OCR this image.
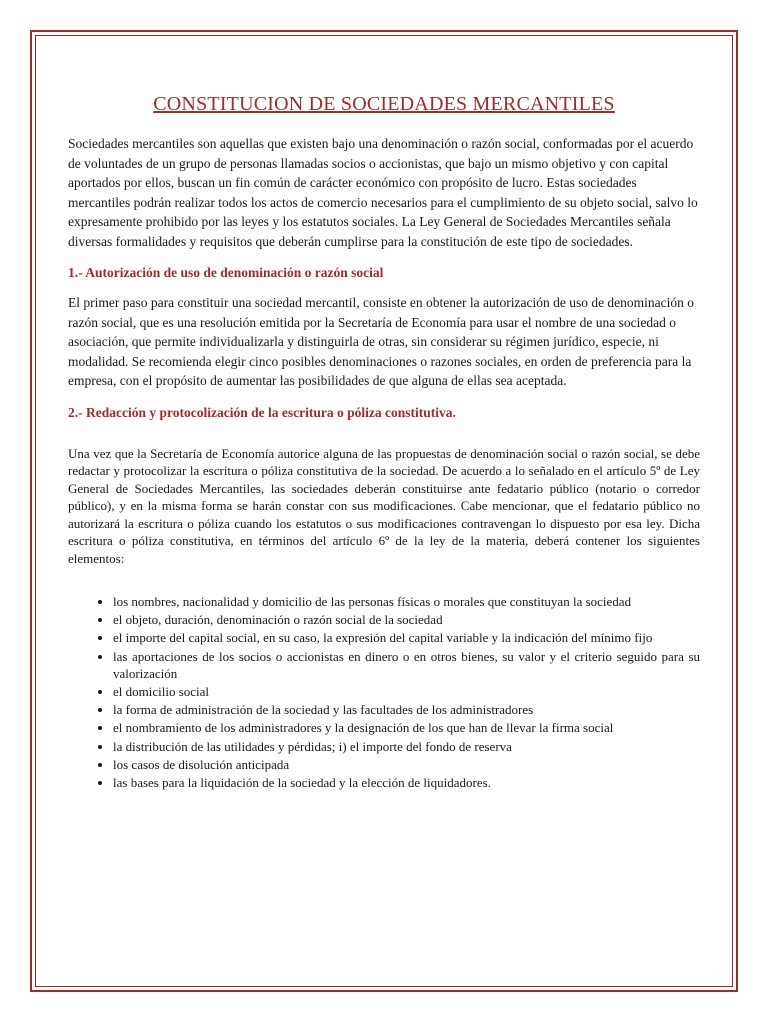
CONSTITUCION DE SOCIEDADES MERCANTILES

Sociedades mercantiles son aquellas que existen bajo una denominación o razón social, conformadas por el acuerdo de voluntades de un grupo de personas llamadas socios o accionistas, que bajo un mismo objetivo y con capital aportados por ellos, buscan un fin común de carácter económico con propósito de lucro. Estas sociedades mercantiles podrán realizar todos los actos de comercio necesarios para el cumplimiento de su objeto social, salvo lo expresamente prohibido por las leyes y los estatutos sociales. La Ley General de Sociedades Mercantiles señala diversas formalidades y requisitos que deberán cumplirse para la constitución de este tipo de sociedades.

1.- Autorización de uso de denominación o razón social

El primer paso para constituir una sociedad mercantil, consiste en obtener la autorización de uso de denominación o razón social, que es una resolución emitida por la Secretaría de Economía para usar el nombre de una sociedad o asociación, que permite individualizarla y distinguirla de otras, sin considerar su régimen jurídico, especie, ni modalidad. Se recomienda elegir cinco posibles denominaciones o razones sociales, en orden de preferencia para la empresa, con el propósito de aumentar las posibilidades de que alguna de ellas sea aceptada.

2.- Redacción y protocolización de la escritura o póliza constitutiva.

Una vez que la Secretaría de Economía autorice alguna de las propuestas de denominación social o razón social, se debe redactar y protocolizar la escritura o póliza constitutiva de la sociedad. De acuerdo a lo señalado en el artículo 5º de Ley General de Sociedades Mercantiles, las sociedades deberán constituirse ante fedatario público (notario o corredor público), y en la misma forma se harán constar con sus modificaciones. Cabe mencionar, que el fedatario público no autorizará la escritura o póliza cuando los estatutos o sus modificaciones contravengan lo dispuesto por esa ley. Dicha escritura o póliza constitutiva, en términos del artículo 6º de la ley de la materia, deberá contener los siguientes elementos:

• los nombres, nacionalidad y domicilio de las personas físicas o morales que constituyan la sociedad
• el objeto, duración, denominación o razón social de la sociedad
• el importe del capital social, en su caso, la expresión del capital variable y la indicación del mínimo fijo
• las aportaciones de los socios o accionistas en dinero o en otros bienes, su valor y el criterio seguido para su valorización
• el domicilio social
• la forma de administración de la sociedad y las facultades de los administradores
• el nombramiento de los administradores y la designación de los que han de llevar la firma social
• la distribución de las utilidades y pérdidas; i) el importe del fondo de reserva
• los casos de disolución anticipada
• las bases para la liquidación de la sociedad y la elección de liquidadores.
